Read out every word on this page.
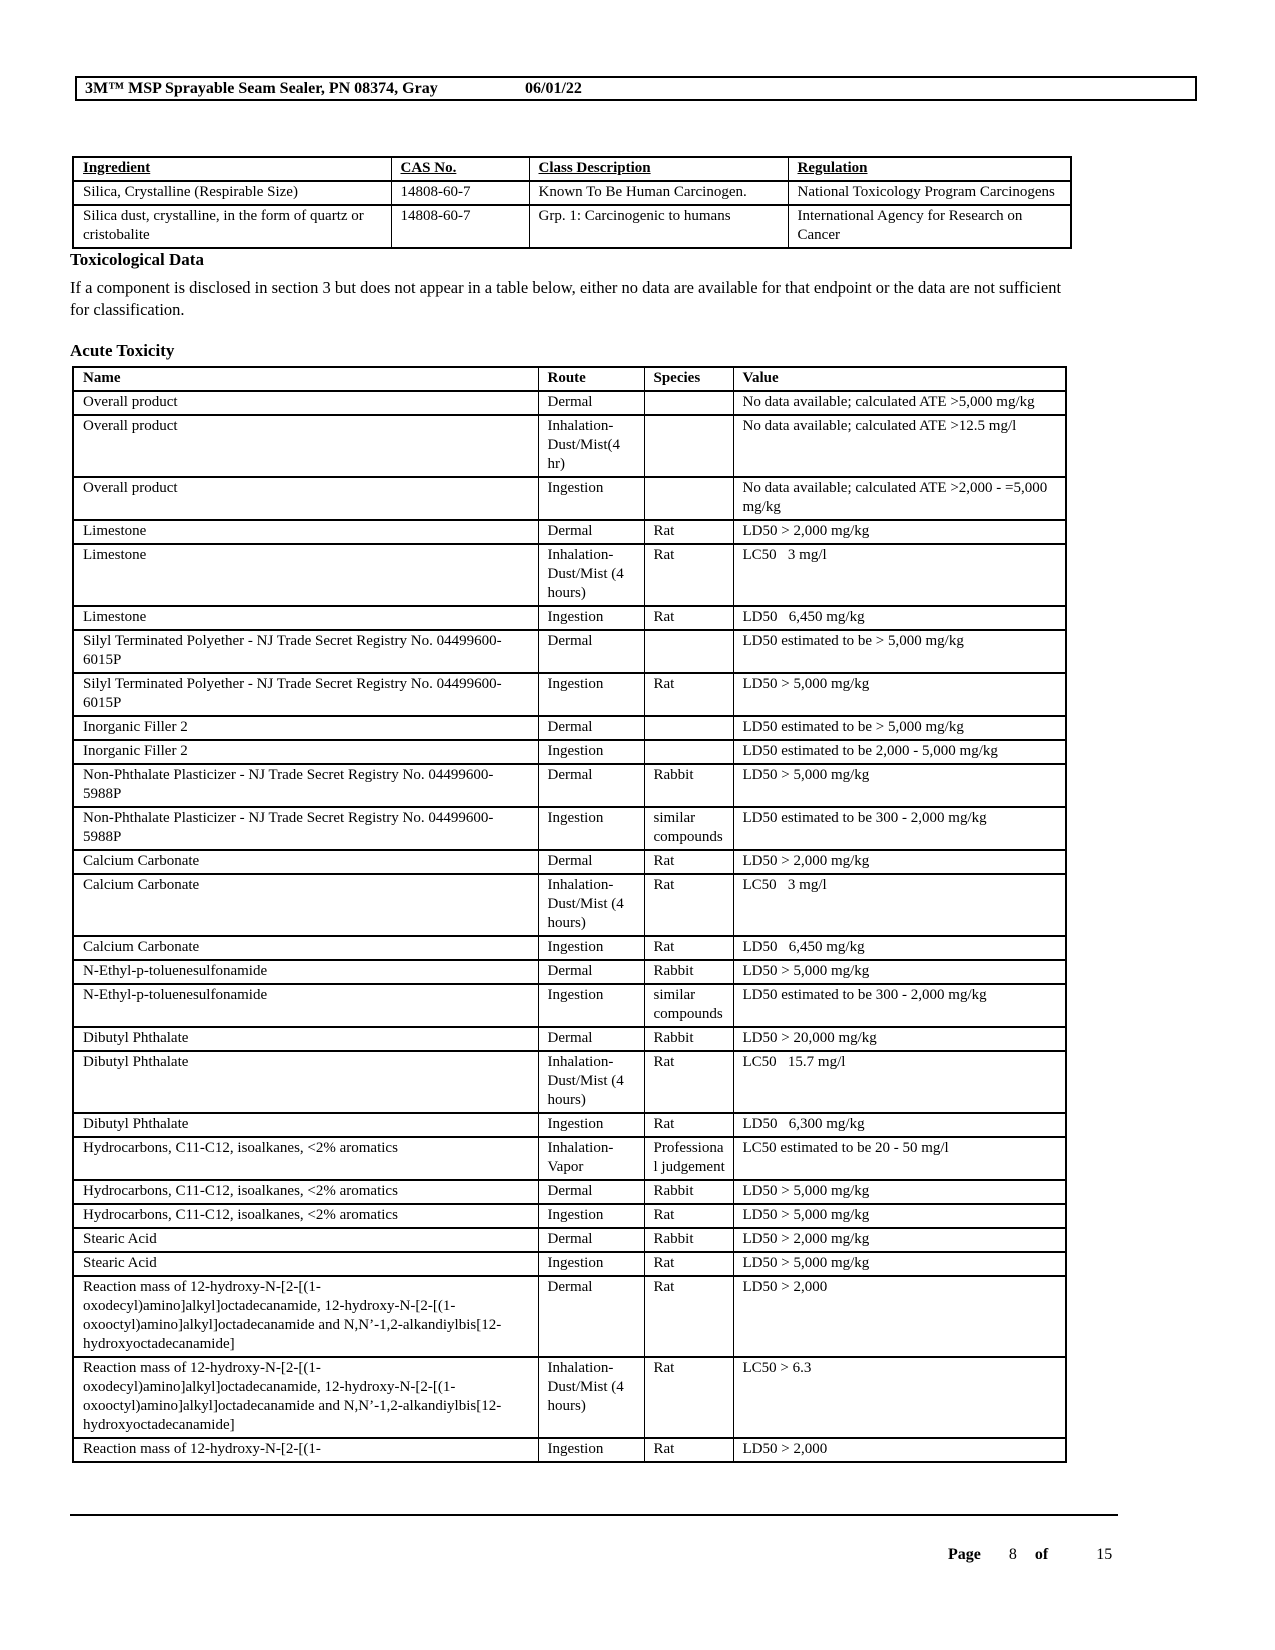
3M™ MSP Sprayable Seam Sealer, PN 08374, Gray	06/01/22
Ingredient	CAS No.	Class Description	Regulation
Silica, Crystalline (Respirable Size)	14808-60-7	Known To Be Human Carcinogen.	National Toxicology Program Carcinogens
Silica dust, crystalline, in the form of quartz or cristobalite	14808-60-7	Grp. 1: Carcinogenic to humans	International Agency for Research on Cancer
Toxicological Data

If a component is disclosed in section 3 but does not appear in a table below, either no data are available for that endpoint or the data are not sufficient for classification.

Acute Toxicity
Name	Route	Species	Value
Overall product	Dermal		No data available; calculated ATE >5,000 mg/kg
Overall product	Inhalation-Dust/Mist(4 hr)		No data available; calculated ATE >12.5 mg/l
Overall product	Ingestion		No data available; calculated ATE >2,000 - =5,000 mg/kg
Limestone	Dermal	Rat	LD50 > 2,000 mg/kg
Limestone	Inhalation-Dust/Mist (4 hours)	Rat	LC50   3 mg/l
Limestone	Ingestion	Rat	LD50   6,450 mg/kg
Silyl Terminated Polyether - NJ Trade Secret Registry No. 04499600-6015P	Dermal		LD50 estimated to be > 5,000 mg/kg
Silyl Terminated Polyether - NJ Trade Secret Registry No. 04499600-6015P	Ingestion	Rat	LD50 > 5,000 mg/kg
Inorganic Filler 2	Dermal		LD50 estimated to be > 5,000 mg/kg
Inorganic Filler 2	Ingestion		LD50 estimated to be 2,000 - 5,000 mg/kg
Non-Phthalate Plasticizer - NJ Trade Secret Registry No. 04499600-5988P	Dermal	Rabbit	LD50 > 5,000 mg/kg
Non-Phthalate Plasticizer - NJ Trade Secret Registry No. 04499600-5988P	Ingestion	similar compounds	LD50 estimated to be 300 - 2,000 mg/kg
Calcium Carbonate	Dermal	Rat	LD50 > 2,000 mg/kg
Calcium Carbonate	Inhalation-Dust/Mist (4 hours)	Rat	LC50   3 mg/l
Calcium Carbonate	Ingestion	Rat	LD50   6,450 mg/kg
N-Ethyl-p-toluenesulfonamide	Dermal	Rabbit	LD50 > 5,000 mg/kg
N-Ethyl-p-toluenesulfonamide	Ingestion	similar compounds	LD50 estimated to be 300 - 2,000 mg/kg
Dibutyl Phthalate	Dermal	Rabbit	LD50 > 20,000 mg/kg
Dibutyl Phthalate	Inhalation-Dust/Mist (4 hours)	Rat	LC50   15.7 mg/l
Dibutyl Phthalate	Ingestion	Rat	LD50   6,300 mg/kg
Hydrocarbons, C11-C12, isoalkanes, <2% aromatics	Inhalation-Vapor	Professional judgement	LC50 estimated to be 20 - 50 mg/l
Hydrocarbons, C11-C12, isoalkanes, <2% aromatics	Dermal	Rabbit	LD50 > 5,000 mg/kg
Hydrocarbons, C11-C12, isoalkanes, <2% aromatics	Ingestion	Rat	LD50 > 5,000 mg/kg
Stearic Acid	Dermal	Rabbit	LD50 > 2,000 mg/kg
Stearic Acid	Ingestion	Rat	LD50 > 5,000 mg/kg
Reaction mass of 12-hydroxy-N-[2-[(1-oxodecyl)amino]alkyl]octadecanamide, 12-hydroxy-N-[2-[(1-oxooctyl)amino]alkyl]octadecanamide and N,N’-1,2-alkandiylbis[12-hydroxyoctadecanamide]	Dermal	Rat	LD50 > 2,000
Reaction mass of 12-hydroxy-N-[2-[(1-oxodecyl)amino]alkyl]octadecanamide, 12-hydroxy-N-[2-[(1-oxooctyl)amino]alkyl]octadecanamide and N,N’-1,2-alkandiylbis[12-hydroxyoctadecanamide]	Inhalation-Dust/Mist (4 hours)	Rat	LC50 > 6.3
Reaction mass of 12-hydroxy-N-[2-[(1-	Ingestion	Rat	LD50 > 2,000
Page 8 of	15
